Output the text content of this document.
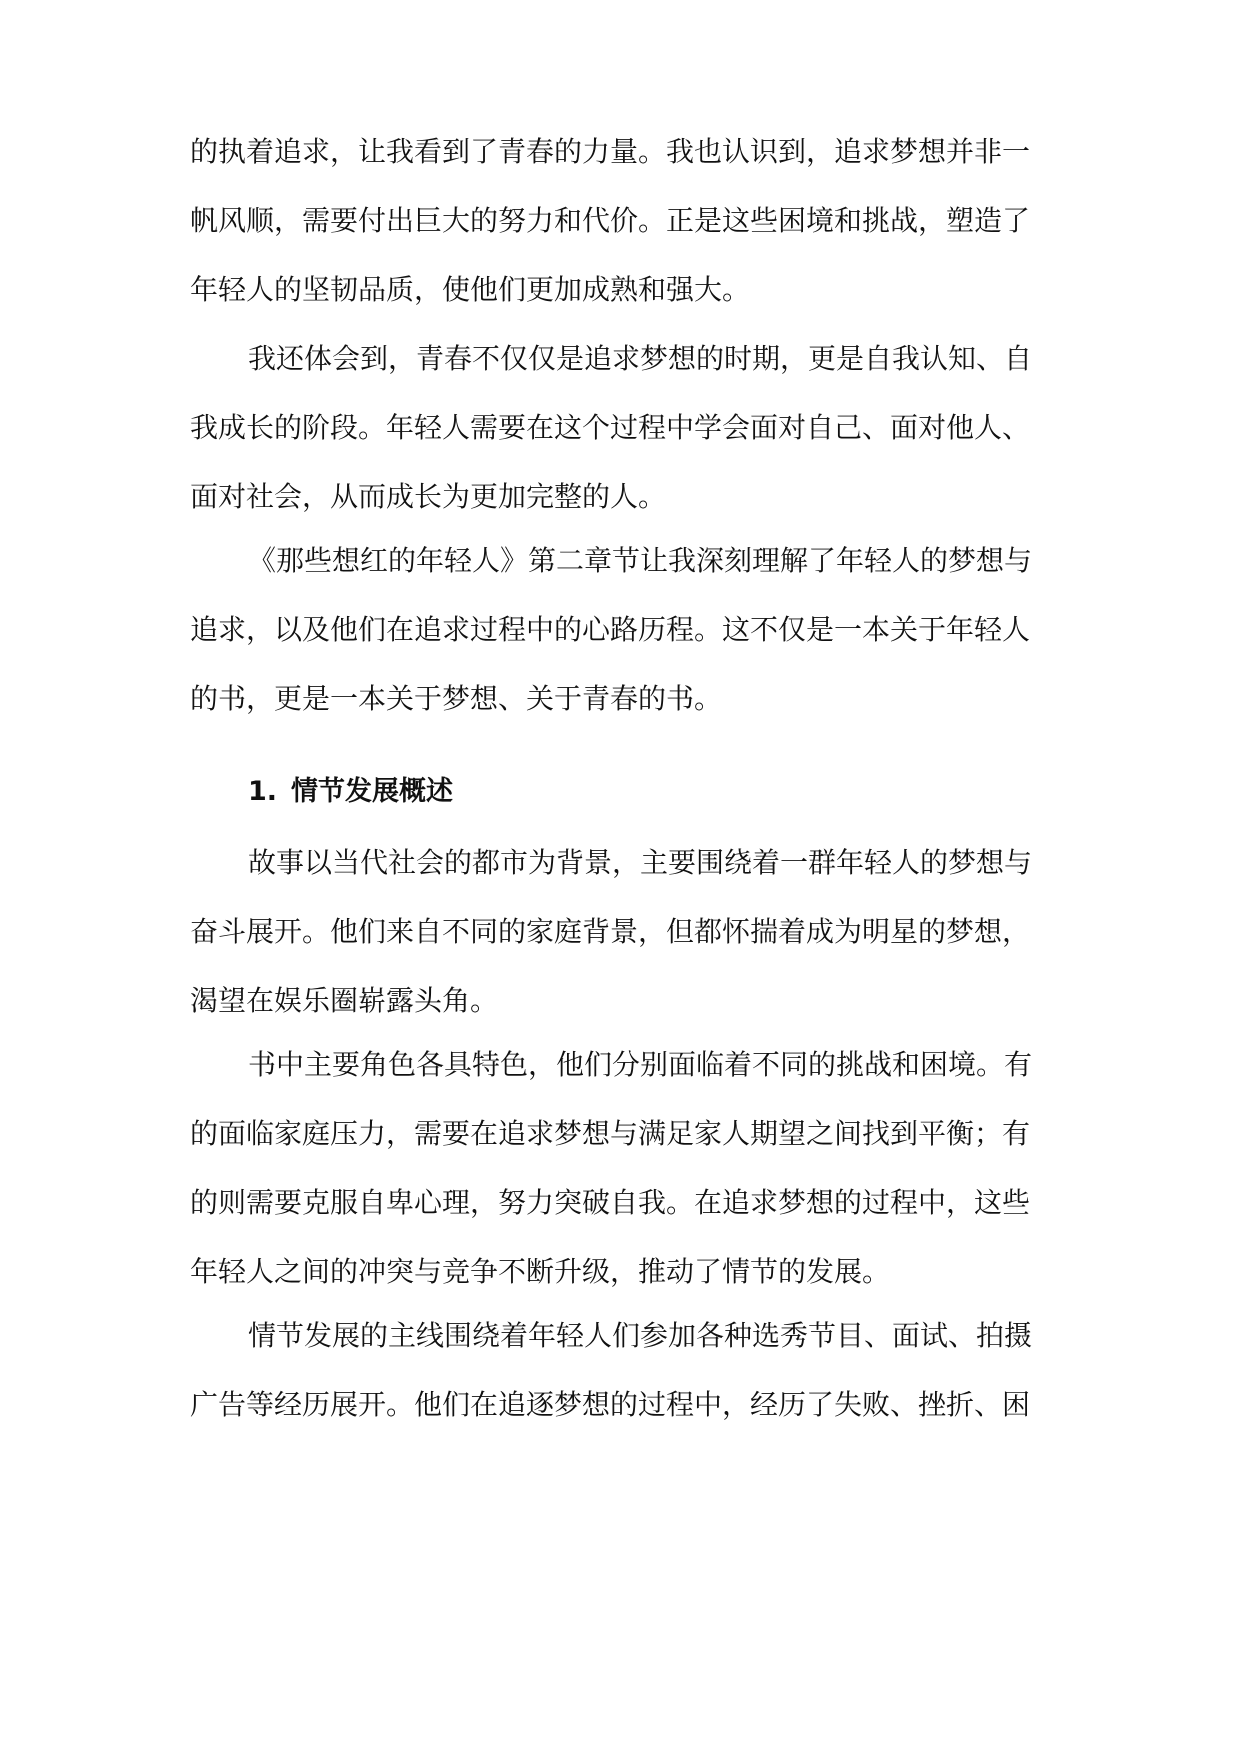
的执着追求，让我看到了青春的力量。我也认识到，追求梦想并非一
帆风顺，需要付出巨大的努力和代价。正是这些困境和挑战，塑造了
年轻人的坚韧品质，使他们更加成熟和强大。
我还体会到，青春不仅仅是追求梦想的时期，更是自我认知、自
我成长的阶段。年轻人需要在这个过程中学会面对自己、面对他人、
面对社会，从而成长为更加完整的人。
《那些想红的年轻人》第二章节让我深刻理解了年轻人的梦想与
追求，以及他们在追求过程中的心路历程。这不仅是一本关于年轻人
的书，更是一本关于梦想、关于青春的书。
1. 情节发展概述
故事以当代社会的都市为背景，主要围绕着一群年轻人的梦想与
奋斗展开。他们来自不同的家庭背景，但都怀揣着成为明星的梦想，
渴望在娱乐圈崭露头角。
书中主要角色各具特色，他们分别面临着不同的挑战和困境。有
的面临家庭压力，需要在追求梦想与满足家人期望之间找到平衡；有
的则需要克服自卑心理，努力突破自我。在追求梦想的过程中，这些
年轻人之间的冲突与竞争不断升级，推动了情节的发展。
情节发展的主线围绕着年轻人们参加各种选秀节目、面试、拍摄
广告等经历展开。他们在追逐梦想的过程中，经历了失败、挫折、困
